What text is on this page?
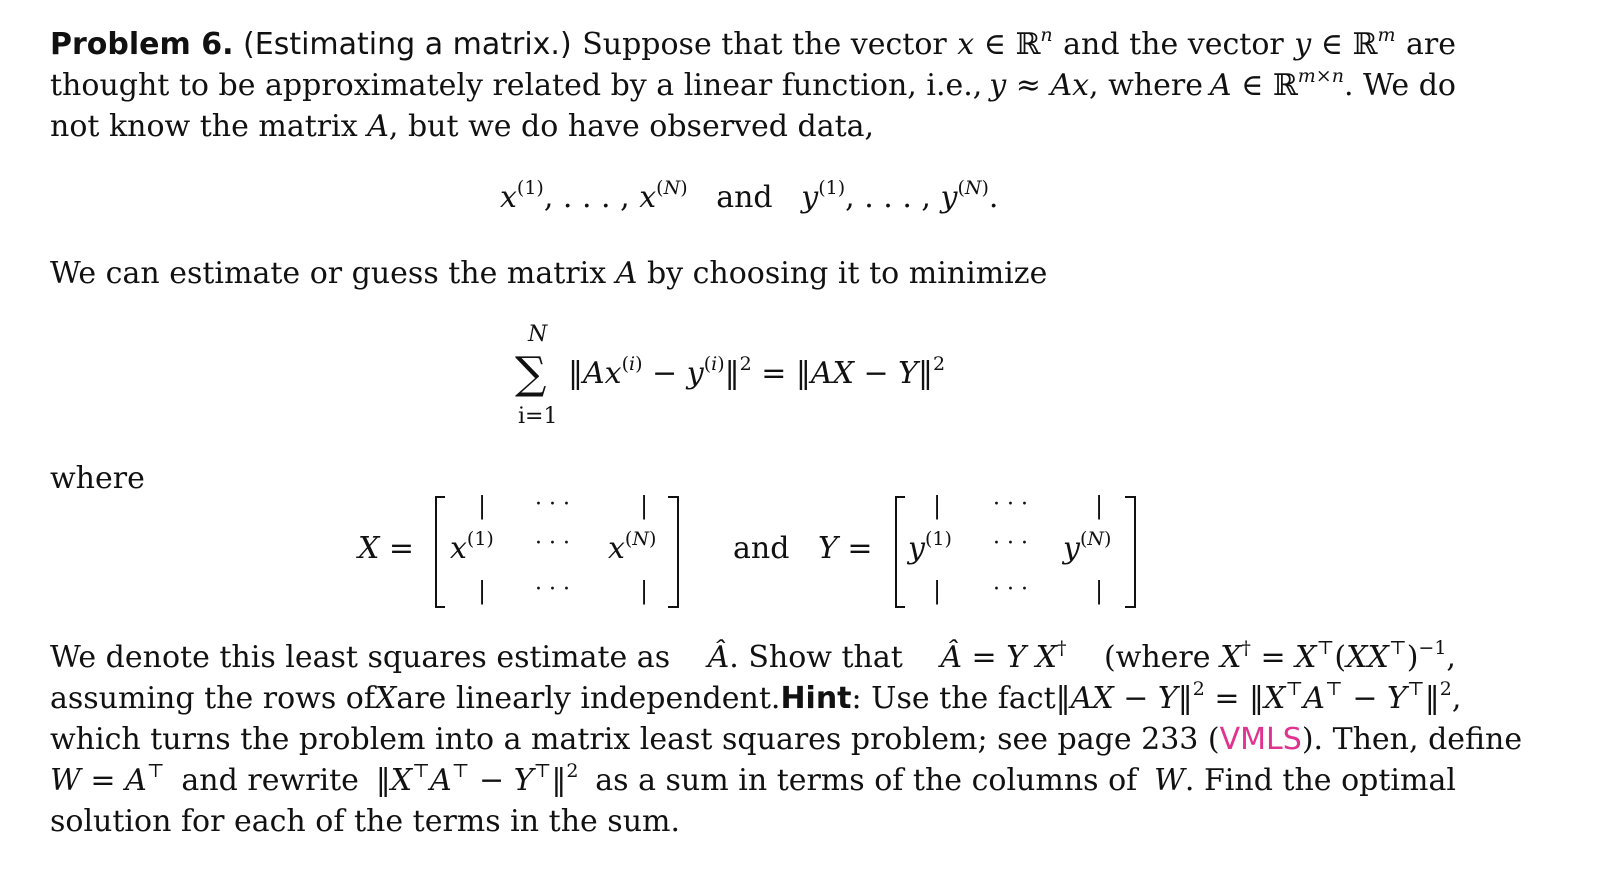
Problem 6. (Estimating a matrix.) Suppose that the vector x ∈ ℝ$^n$ and the vector y ∈ ℝ$^m$ are
thought to be approximately related by a linear function, i.e., y ≈ Ax, where A ∈ ℝ$^{m\times n}$. We do
not know the matrix A, but we do have observed data,
$x^{(1)}$, . . . , $x^{(N)}$ and $y^{(1)}$, . . . , $y^{(N)}$.
We can estimate or guess the matrix A by choosing it to minimize
N
∑
i=1
$‖Ax^{(i)}$ − $y^{(i)}‖^2$ = ‖AX − Y‖$^2$
where
X =
|
$x^{(1)}$
|
· · ·
· · ·
· · ·
|
$x^{(N)}$
|
and Y =
|
$y^{(1)}$
|
· · ·
· · ·
· · ·
|
$y^{(N)}$
|
We denote this least squares estimate as Â. Show that Â = Y X† (where $X^\dagger = X^⊤(XX^⊤)^{-1}$,
assuming the rows of X are linearly independent. Hint: Use the fact ‖AX − Y‖$^2$ = ‖X⊤A⊤ − Y⊤‖$^2$,
which turns the problem into a matrix least squares problem; see page 233 (VMLS). Then, define
W = A⊤ and rewrite ‖X⊤A⊤ − Y⊤‖$^2$ as a sum in terms of the columns of W. Find the optimal
solution for each of the terms in the sum.
